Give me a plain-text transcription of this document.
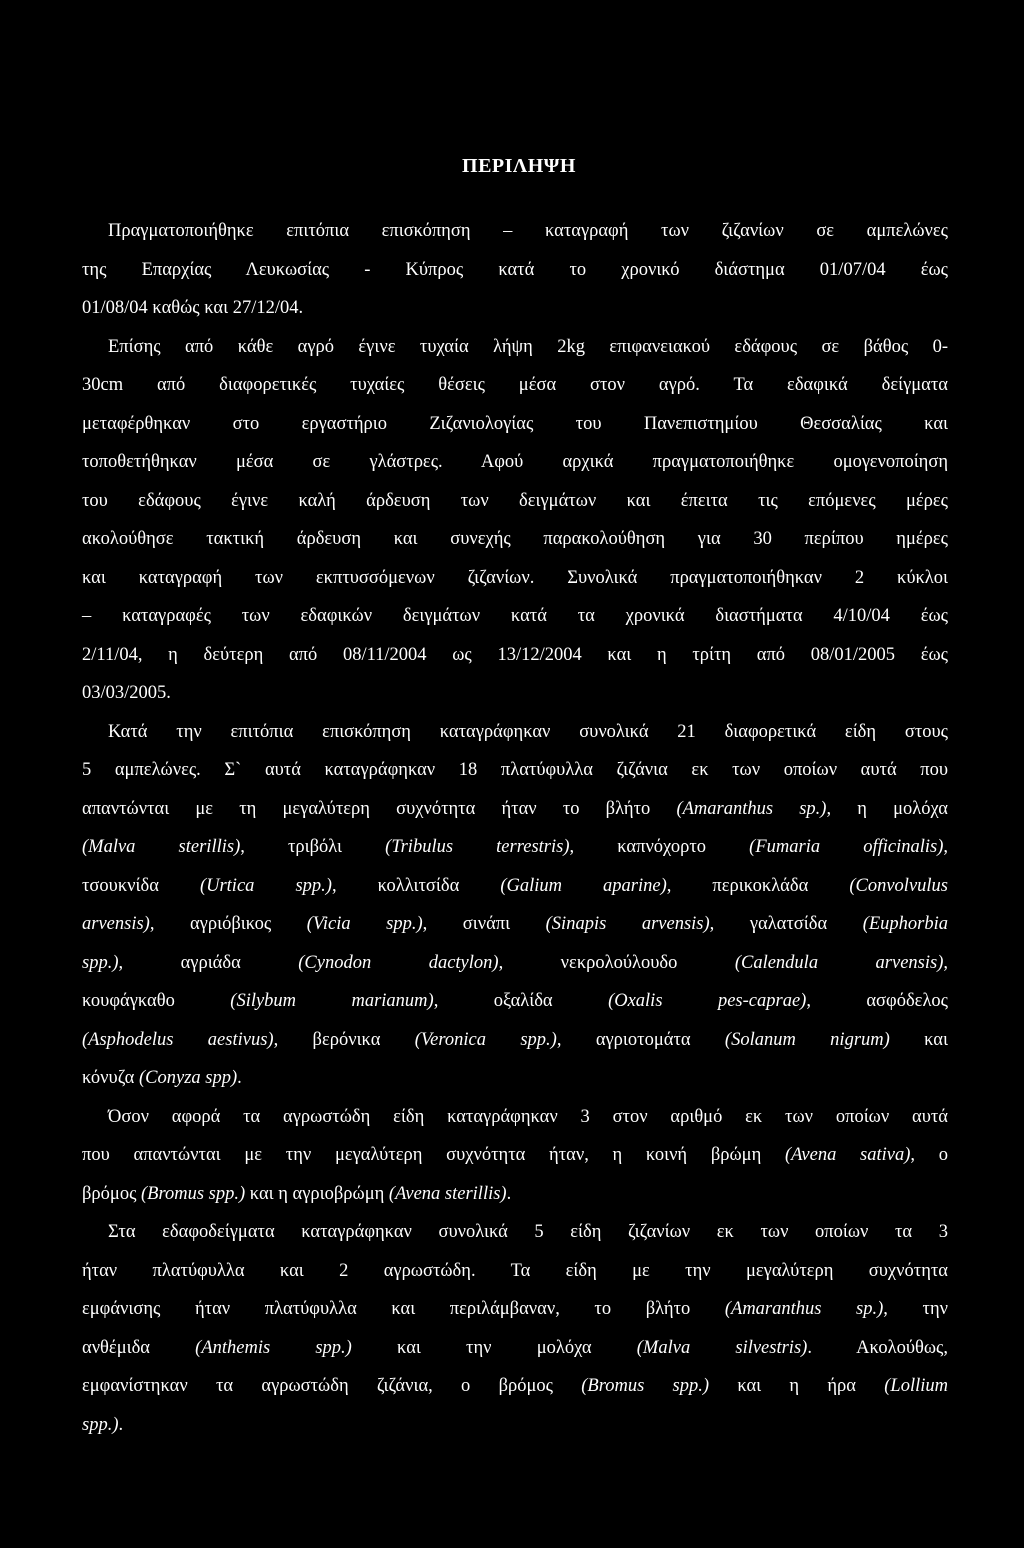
ΠΕΡΙΛΗΨΗ
Πραγματοποιήθηκε επιτόπια επισκόπηση – καταγραφή των ζιζανίων σε αμπελώνες
της Επαρχίας Λευκωσίας - Κύπρος κατά το χρονικό διάστημα 01/07/04 έως
01/08/04 καθώς και 27/12/04.
Επίσης από κάθε αγρό έγινε τυχαία λήψη 2kg επιφανειακού εδάφους σε βάθος 0-
30cm από διαφορετικές τυχαίες θέσεις μέσα στον αγρό. Τα εδαφικά δείγματα
μεταφέρθηκαν στο εργαστήριο Ζιζανιολογίας του Πανεπιστημίου Θεσσαλίας και
τοποθετήθηκαν μέσα σε γλάστρες. Αφού αρχικά πραγματοποιήθηκε ομογενοποίηση
του εδάφους έγινε καλή άρδευση των δειγμάτων και έπειτα τις επόμενες μέρες
ακολούθησε τακτική άρδευση και συνεχής παρακολούθηση για 30 περίπου ημέρες
και καταγραφή των εκπτυσσόμενων ζιζανίων. Συνολικά πραγματοποιήθηκαν 2 κύκλοι
– καταγραφές των εδαφικών δειγμάτων κατά τα χρονικά διαστήματα 4/10/04 έως
2/11/04, η δεύτερη από 08/11/2004 ως 13/12/2004 και η τρίτη από 08/01/2005 έως
03/03/2005.
Κατά την επιτόπια επισκόπηση καταγράφηκαν συνολικά 21 διαφορετικά είδη στους
5 αμπελώνες. Σ` αυτά καταγράφηκαν 18 πλατύφυλλα ζιζάνια εκ των οποίων αυτά που
απαντώνται με τη μεγαλύτερη συχνότητα ήταν το βλήτο (Amaranthus sp.), η μολόχα
(Malva sterillis), τριβόλι (Tribulus terrestris), καπνόχορτο (Fumaria officinalis),
τσουκνίδα (Urtica spp.), κολλιτσίδα (Galium aparine), περικοκλάδα (Convolvulus
arvensis), αγριόβικος (Vicia spp.), σινάπι (Sinapis arvensis), γαλατσίδα (Euphorbia
spp.), αγριάδα (Cynodon dactylon), νεκρολούλουδο (Calendula arvensis),
κουφάγκαθο (Silybum marianum), οξαλίδα (Oxalis pes-caprae), ασφόδελος
(Asphodelus aestivus), βερόνικα (Veronica spp.), αγριοτομάτα (Solanum nigrum) και
κόνυζα (Conyza spp).
Όσον αφορά τα αγρωστώδη είδη καταγράφηκαν 3 στον αριθμό εκ των οποίων αυτά
που απαντώνται με την μεγαλύτερη συχνότητα ήταν, η κοινή βρώμη (Avena sativa), ο
βρόμος (Bromus spp.) και η αγριοβρώμη (Avena sterillis).
Στα εδαφοδείγματα καταγράφηκαν συνολικά 5 είδη ζιζανίων εκ των οποίων τα 3
ήταν πλατύφυλλα και 2 αγρωστώδη. Τα είδη με την μεγαλύτερη συχνότητα
εμφάνισης ήταν πλατύφυλλα και περιλάμβαναν, το βλήτο (Amaranthus sp.), την
ανθέμιδα (Anthemis spp.) και την μολόχα (Malva silvestris). Ακολούθως,
εμφανίστηκαν τα αγρωστώδη ζιζάνια, ο βρόμος (Bromus spp.) και η ήρα (Lollium
spp.).
